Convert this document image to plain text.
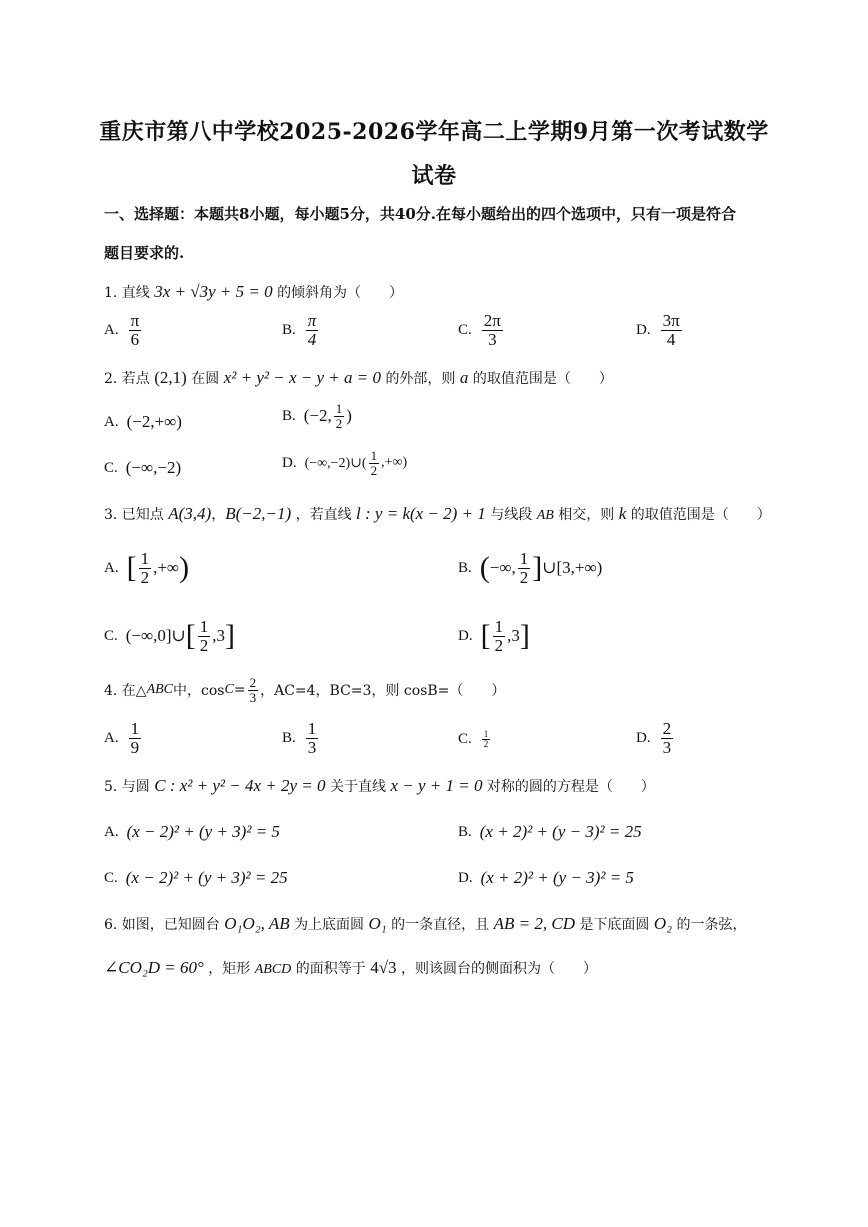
重庆市第八中学校2025-2026学年高二上学期9月第一次考试数学
试卷
一、选择题：本题共8小题，每小题5分，共40分.在每小题给出的四个选项中，只有一项是符合
题目要求的.
1. 直线 3x + √3y + 5 = 0 的倾斜角为（　　）
A. $\frac{\pi}{6}$	B. $\frac{\pi}{4}$	C. $\frac{2\pi}{3}$	D. $\frac{3\pi}{4}$
2. 若点 (2,1) 在圆 x² + y² − x − y + a = 0 的外部，则 a 的取值范围是（　　）
A. (−2,+∞)	B. (−2, $\frac{1}{2}$ )
C. (−∞,−2)	D. (−∞,−2)∪( $\frac{1}{2}$ ,+∞)
3. 已知点 A(3,4)，B(−2,−1) ，若直线 l : y = k(x − 2) + 1 与线段 AB 相交，则 k 的取值范围是（　　）
A. [ $\frac{1}{2}$ ,+∞ )	B. ( −∞, $\frac{1}{2}$ ] ∪[3,+∞)
C. (−∞,0]∪ [ $\frac{1}{2} ,3$ ]	D. [ $\frac{1}{2} ,3$ ]
4. 在△ ABC 中，$\cos C = \frac{2}{3}$ ，AC=4，BC=3，则 cosB=（　　）
A. $\frac{1}{9}$	B. $\frac{1}{3}$	C. $\frac{1}{2}$	D. $\frac{2}{3}$
5. 与圆 C : x² + y² − 4x + 2y = 0 关于直线 x − y + 1 = 0 对称的圆的方程是（　　）
A. (x − 2)² + (y + 3)² = 5	B. (x + 2)² + (y − 3)² = 25
C. (x − 2)² + (y + 3)² = 25	D. (x + 2)² + (y − 3)² = 5
6. 如图，已知圆台 O₁O₂, AB 为上底面圆 O₁ 的一条直径，且 AB = 2, CD 是下底面圆 O₂ 的一条弦，
∠CO₂D = 60° ，矩形 ABCD 的面积等于 4√3 ，则该圆台的侧面积为（　　）
